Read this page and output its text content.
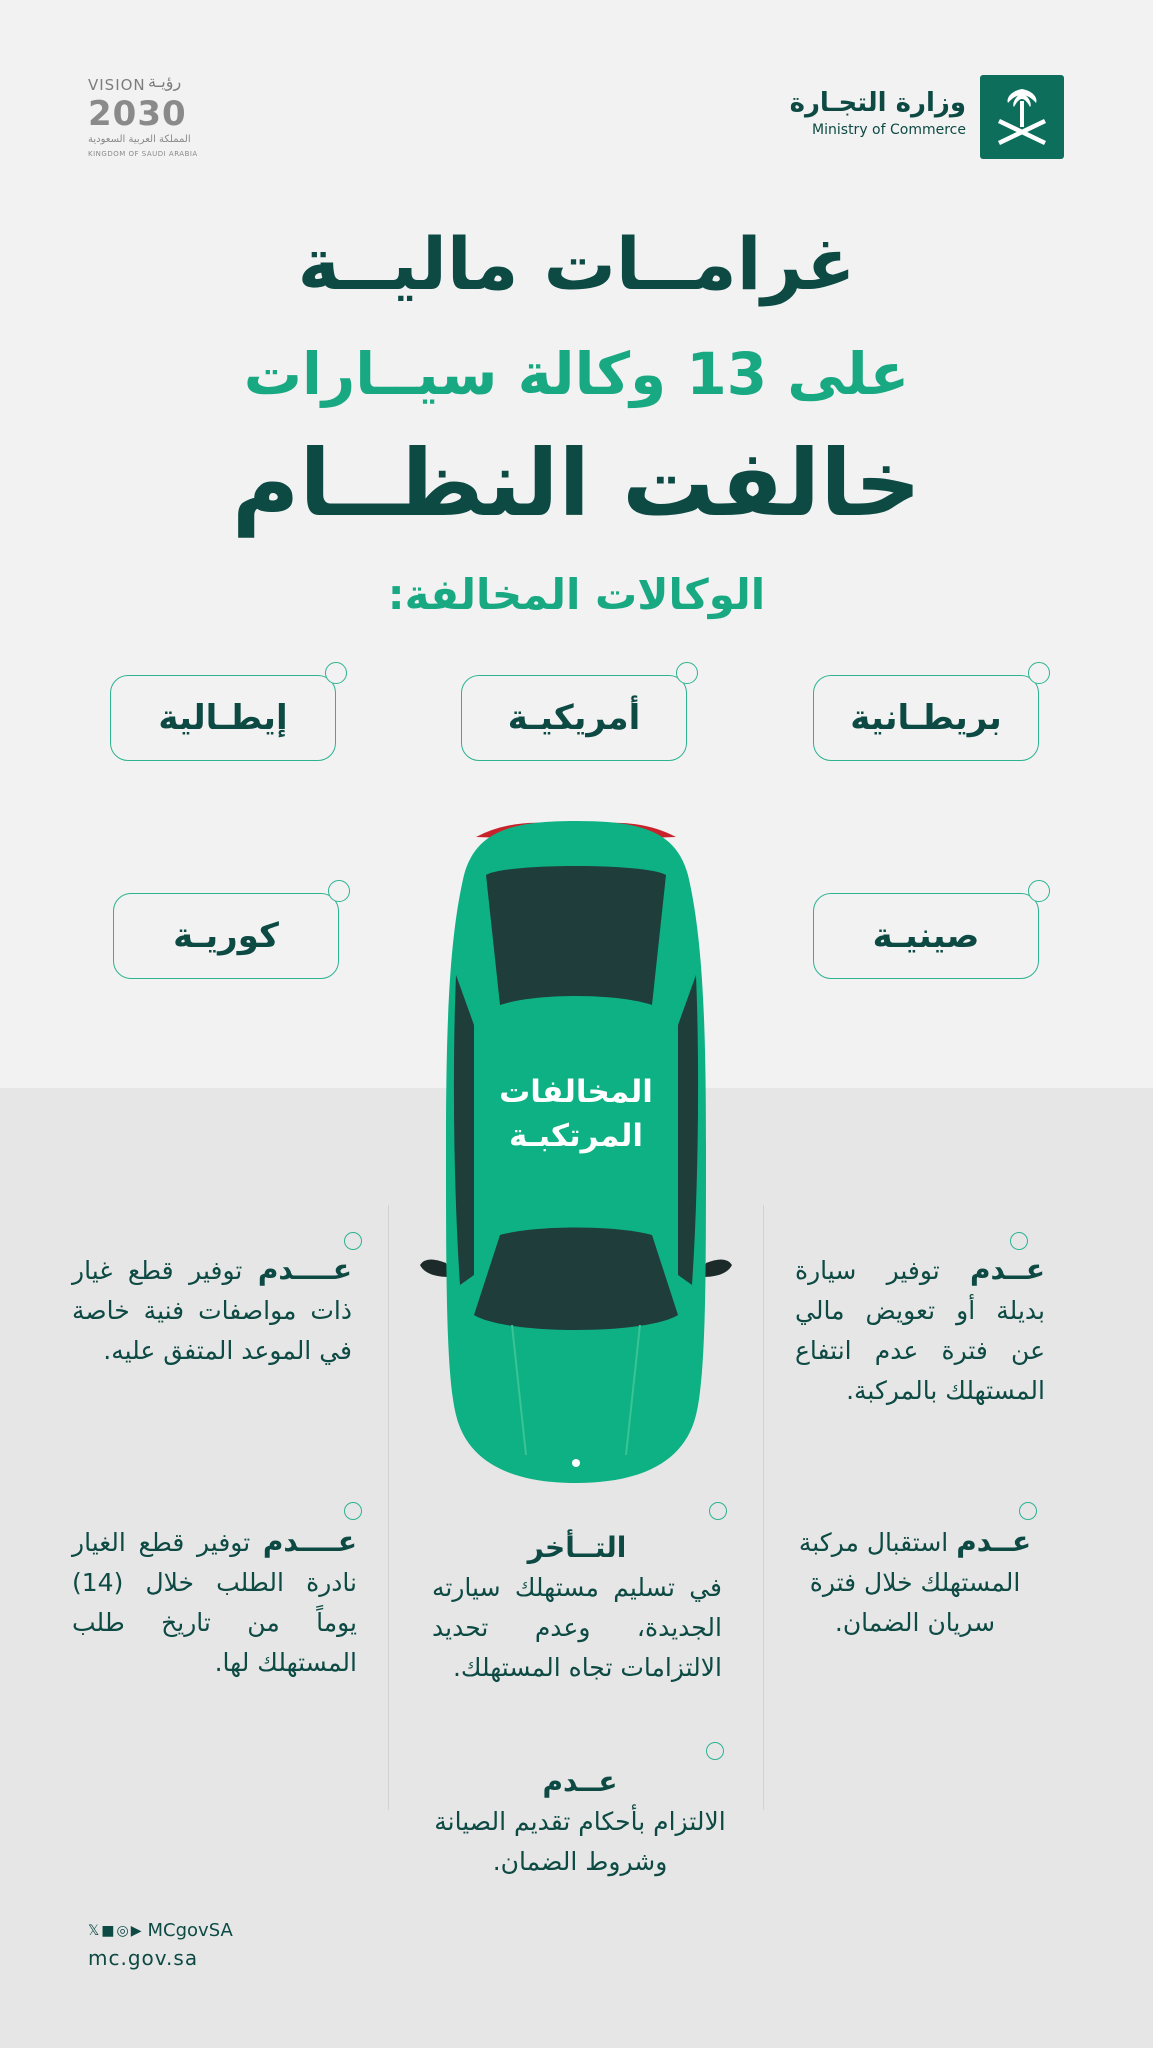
وزارة التجـارة
Ministry of Commerce
VISION رؤيـة
2030
المملكة العربية السعودية
KINGDOM OF SAUDI ARABIA
غرامــات ماليــة
على 13 وكالة سيــارات
خالفت النظــام
الوكالات المخالفة:
بريطـانية
أمريكيـة
إيطـالية
صينيـة
كوريـة
المخالفات
المرتكبـة
عــدم توفير سيارة بديلة أو تعويض مالي عن فترة عدم انتفاع المستهلك بالمركبة.
عــــدم توفير قطع غيار ذات مواصفات فنية خاصة في الموعد المتفق عليه.
عــدم استقبال مركبة المستهلك خلال فترة سريان الضمان.
التــأخر
في تسليم مستهلك سيارته الجديدة، وعدم تحديد الالتزامات تجاه المستهلك.
عــــدم توفير قطع الغيار نادرة الطلب خلال (14) يوماً من تاريخ طلب المستهلك لها.
عــدم
الالتزام بأحكام تقديم الصيانة وشروط الضمان.
𝕏■◎▶ MCgovSA
mc.gov.sa
